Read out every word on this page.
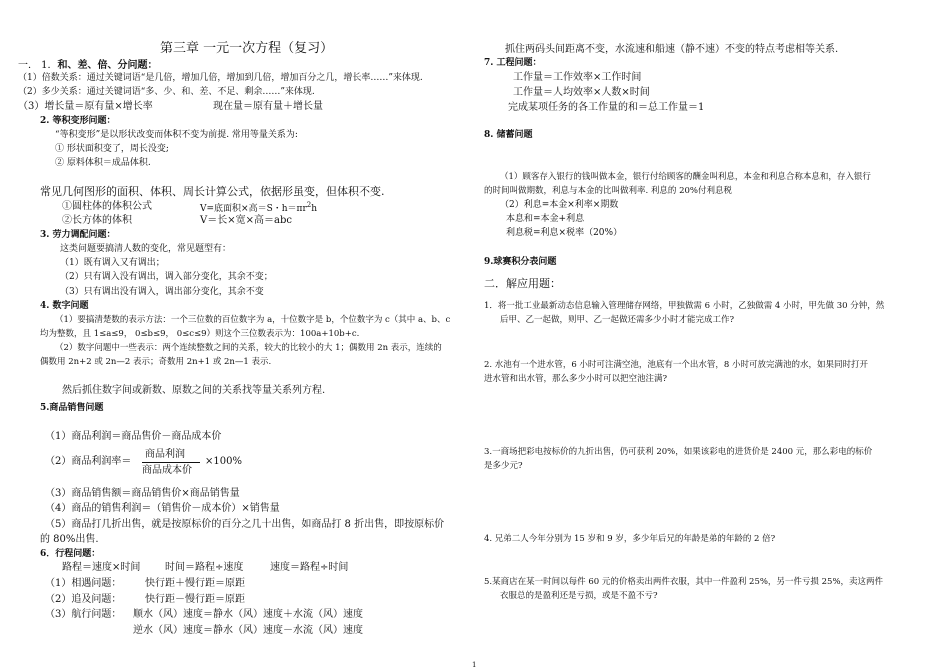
第三章 一元一次方程（复习）
一． 1．和、差、倍、分问题：
（1）倍数关系：通过关键词语“是几倍，增加几倍，增加到几倍，增加百分之几，增长率……”来体现.
（2）多少关系：通过关键词语“多、少、和、差、不足、剩余……”来体现.
（3）增长量＝原有量×增长率	现在量＝原有量＋增长量
2. 等积变形问题：
“等积变形”是以形状改变而体积不变为前提. 常用等量关系为:
① 形状面积变了，周长没变;
② 原料体积＝成品体积.
常见几何图形的面积、体积、周长计算公式，依据形虽变，但体积不变.
①圆柱体的体积公式	V=底面积×高＝S・$h=\pi r^2h$
②长方体的体积	V＝长×宽×高＝abc
3. 劳力调配问题：
这类问题要搞清人数的变化，常见题型有：
（1）既有调入又有调出；
（2）只有调入没有调出，调入部分变化，其余不变；
（3）只有调出没有调入，调出部分变化，其余不变
4. 数字问题
（1）要搞清楚数的表示方法：一个三位数的百位数字为 a，十位数字是 b，个位数字为 c（其中 a、b、c
均为整数，且 1≤a≤9， 0≤b≤9， 0≤c≤9）则这个三位数表示为：100a+10b+c.
（2）数字问题中一些表示：两个连续整数之间的关系，较大的比较小的大 1；偶数用 2n 表示，连续的
偶数用 2n+2 或 2n—2 表示；奇数用 2n+1 或 2n—1 表示.
然后抓住数字间或新数、原数之间的关系找等量关系列方程.
5.商品销售问题
（1）商品利润＝商品售价－商品成本价
（2）商品利润率＝
商品利润
商品成本价
×100%
（3）商品销售额＝商品销售价×商品销售量
（4）商品的销售利润＝（销售价－成本价）×销售量
（5）商品打几折出售，就是按原标价的百分之几十出售，如商品打 8 折出售，即按原标价
的 80%出售.
6．行程问题：
路程＝速度×时间 时间＝路程÷速度	速度＝路程÷时间
（1）相遇问题： 快行距＋慢行距＝原距
（2）追及问题： 快行距－慢行距＝原距
（3）航行问题： 顺水（风）速度＝静水（风）速度＋水流（风）速度
逆水（风）速度＝静水（风）速度－水流（风）速度
抓住两码头间距离不变，水流速和船速（静不速）不变的特点考虑相等关系.
7. 工程问题：
工作量＝工作效率×工作时间
工作量＝人均效率×人数×时间
完成某项任务的各工作量的和＝总工作量＝1
8. 储蓄问题
（1）顾客存入银行的钱叫做本金，银行付给顾客的酬金叫利息，本金和利息合称本息和，存入银行
的时间叫做期数，利息与本金的比叫做利率. 利息的 20%付利息税
（2）利息=本金×利率×期数
本息和=本金+利息
利息税=利息×税率（20%）
9.球赛积分表问题
二．解应用题：
1．将一批工业最新动态信息输入管理储存网络，甲独做需 6 小时，乙独做需 4 小时，甲先做 30 分钟，然
后甲、乙一起做，则甲、乙一起做还需多少小时才能完成工作?
2. 水池有一个进水管，6 小时可注满空池，池底有一个出水管，8 小时可放完满池的水，如果同时打开
进水管和出水管，那么多少小时可以把空池注满?
3.一商场把彩电按标价的九折出售，仍可获利 20%，如果该彩电的进货价是 2400 元，那么彩电的标价
是多少元?
4. 兄弟二人今年分别为 15 岁和 9 岁，多少年后兄的年龄是弟的年龄的 2 倍?
5.某商店在某一时间以每件 60 元的价格卖出两件衣服，其中一件盈利 25%，另一件亏损 25%，卖这两件
衣服总的是盈利还是亏损，或是不盈不亏?
1
